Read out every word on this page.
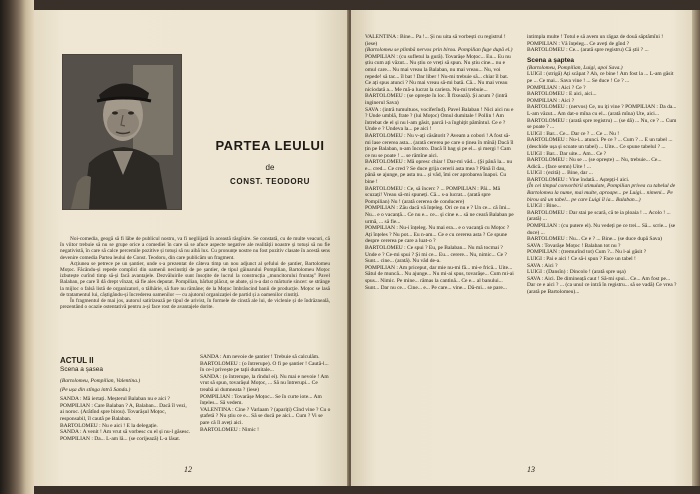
PARTEA LEULUI
de
CONST. TEODORU

Noi-comedia, geogă să fi lăbe de publicul nostru, va fi negliijată în această răsgîsire. Se constată, cu de multe veacuri, că în viitor trebuie să nu se grupe orice a comediei în care să se afuce aspecte negative ale realității noastre și totuși să nu fie negativistă, în care să calce percemile pozitive și totuși să nu aibă lux. Cu pronunțe nostre nu fost pozitiv clasate în acestă sens devenire comedia Partea leului de Const. Teodoru, din care publicăm un fragment.

Acțiunea se petrece pe un șantier, unde s-a prezentat de câteva timp un nou adjunct al șefului de șantier, Bartolomeu Moțoc. Făcându-și repede complici din oamenii necinstiți de pe șantier, de tipul găinarului Pompilian, Bartolomeu Moțoc izbutește curînd timp să-și facă avantajele. Dezvăluirile sunt însoțite de lucrul la construcția „muncitorului fruntaș" Pavel Balaban, pe care îl dă drept vînzat, să fie ales deputat. Pompilian, bărbat plăcut, se abate, și n-a dat o mărturie sincer: se strânge la mijloc o falsă listă de organizatori, o tâlhărie, să fure nu rămâne; de la Moțoc îmbrâncind banii de producție. Moțoc se lasă de tratamentul lui, câștigându-și încrederea oamenilor — cu ajutorul organizației de partid și a oamenilor cinstiți.

În fragmentul de mai jos, autorul satirizează pe tipul de arivist, în formele de cinstă ale lui, de viclenie și de îndrăzneală, prezentând o ocazie ostentativă pentru a-și face rost de avantajele dorite.

ACTUL II
Scena a șasea
(Bartolomeu, Pompilian, Valentina.)
(Pe ușa din stînga intră Sanda.)
SANDA : Mă iertați. Meșterul Balaban nu e aici ?
POMPILIAN : Care Balaban ? A, Balaban... Dacă îl vezi, ai noroc. (Arătînd spre birou). Tovarășul Moțoc, responsabil, îl caută pe Balaban.
BARTOLOMEU : Nu e aici ! E la delegație.
SANDA : A venit ! Am vrut să vorbesc cu el și nu-l găsesc.
POMPILIAN : Da... L-am lă... (se corijează) L-a lăsat.
SANDA : Am nevoie de șantier ! Trebuie să calculăm.
BARTOLOMEU : (o întrerupe). O fi pe șantier ! Caută-l... în ce-l privește pe tații dumitale...
SANDA : (o întrerupe, la rîndul ei). Nu mai e nevoie ! Am vrut să spun, tovarășul Moțoc, ... Să nu întrerupi... Ce treabă ai dumneata ? (iese)
POMPILIAN : Tovarășe Moțoc... Se în curte iote... Am înțeles... Să vedem.
VALENTINA : Cine ? Varlaam ? (apariți) Cînd vine ? Cu o ștafetă ? Nu știu ce e... Să se ducă pe aici... Cum ? Vi se pare că îl aveți aici.
BARTOLOMEU : Nimic !
12
VALENTINA : Bine... Pa !... Și nu uita să vorbești cu registrul ! (iese)
(Bartolomeu se plimbă nervos prin birou. Pompilian fuge după el.)
POMPILIAN : (cu sufletul la gură). Tovarășe Moțoc... Eu... Eu nu știu cum ați văzut... Nu știu ce vreți să spun. Nu știu cine... nu e omul care... Nu mai vreau la Balaban, nu mai vreau... Nu, voi repede! să tac... îl bat ! Dar liber ! Nu-mi trebuie să... chiar îl bat. Ce ați spus atunci ? Nu mai vreau să-mi bată. Că... Nu mai vreau niciodată a... Me mă-a lucrat la cariera. Nu-mi trebuie...
BARTOLOMEU : (se oprește în loc. Îl fixează). Și acum ? (intră inginerul Sava)
SAVA : (intră tumultuos, vociferînd). Pavel Balaban ! Nici aici nu e ? Unde umblă, frate ? (lui Moțoc) Omul dumitale ! Pollin ! Am întrebat de el și nu l-am găsit, parcă l-a înghițit pămîntul. Ce e ? Unde e ? Undeva la... pe aici !
BARTOLOMEU : Nu v-ați căsătorit ? Aveam a cobori ! A fost să-mi lase cererea asta... (arată cererea pe care o ținea în mînă) Dacă îl țin pe Balaban, n-am încotro. Dacă îl bag și pe el... și mergi ! Cam ce nu se poate ! ... se rămîne aici.
BARTOLOMEU : Mă opresc chiar ! Dar-mi văd... (Și până la... nu e... cred... Ce cred ? Se duce grija cererii asta mea ? Până îl dau, până se ajunge, pe asta nu... și văd, îmi cer aprobarea înapoi. Cu bine !
BARTOLOMEU : Ce, să încerc ? ... POMPILIAN : Păi... Mă scuzați! Vreau să-mi spuneți. Că... s-a lucrat... (arată spre Pompilian) Nu ! (arată cererea de conducere)
POMPILIAN : Zău dacă vă înțeleg. Ori ce nu e ? Un ce... că îmi... Nu... e o vacanță... Ce nu e... ce... și cine e... să ne ceară Balaban pe urmă, ... să fie...
POMPILIAN : Nu-i înțeleg. Nu mai era... e o vacanță cu Moțoc ? Ați înțeles ? Nu pot... Eu n-am... Ce e cu cererea asta ? Ce spune despre cererea pe care a luat-o ?
BARTOLOMEU : Ce spui ? Eu, pe Balaban... Nu mă tocmai ? Unde e ? Ce-mi spui ? Și mi ce... Eu... cerere... Nu, nimic... Ce ? Sunt... cine... (arată). Nu văd de-a.
POMPILIAN : Am priceput, dar mie nu-mi fă... mi-e frică... Uite... Sătul de muncă... Nu ajunge... Nu mi-ai spus, tovarășe... Cum mi-ai spus... Nimic. Pe mine... rămas la cantină... Ce e... al banului... Sunt... Dar nu ce... Cine... e... Pe care... vine... Dă-mi... se pare...
intimpla multe ! Totul e să avem un rägaz de două săptămîni !
POMPILIAN : Vă înțeleg... Ce aveți de gînd ?
BARTOLOMEU : Ce... (arată spre registru) Că știi ? ...
Scena a șaptea
(Bartolomeu, Pompilian, Luigi, apoi Sava.)
LUIGI : (strigă) Ați scăpat ? Ah, ce bine ! Am fost la ... L-am găsit pe ... Ce mai... Sava vine ! ... Se duce ! Ce ? ...
POMPILIAN : Aici ? Ce ?
BARTOLOMEU : E aici, aici...
POMPILIAN : Aici ?
BARTOLOMEU : (nervos) Ce, nu iți vine ? POMPILIAN : Da da... L-am văzut... Am dat-o mîna cu el... (arată mîna) Ute, aici...
BARTOLOMEU : (arată spre registru) ... (se dă) ... Nu, ce ? ... Cum se poate ? ...
LUIGI : Bar... Ce... Dar ce ? ... Ce ... Nu !
BARTOLOMEU : Nu-l... atunci. Pe ce ? ... Cum ? ... E un tabel ... (deschide ușa și scoate un tabel) ... Uite... Ce spune tabelul ? ...
LUIGI : Bar... Dar uite... Am... Ce ?
BARTOLOMEU : Nu se ... (se oprește) ... Nu, trebuie... Ce... Adică... (face semn) Uite ! ...
LUIGI : (ezită) ... Bine, dar ...
BARTOLOMEU : Vine îndată... Aștepți-l aici.
(În cei timpul convorbirii stimulate, Pompilian privea cu tabelul de Bartolomeu la nume, mai multe, aproape... pe Luigi... nimeni... Pe birou stă un tabel... pe care Luigi îl ia... Balaban...)
LUIGI : Bine...
BARTOLOMEU : Dar stai pe scară, că te ia ploaia ! ... Acolo ! ... (arată) ...
POMPILIAN : (cu putere el). Nu vedeți pe ce trei... Să... scrie... (se duce) ...
BARTOLOMEU : Nu... Ce e ? ... Bine... (se duce după Sava)
SAVA : Tovarășe Moțoc ! Balaban tot nu ?
POMPILIAN : (tremurînd tot) Cum ?... Nu l-ai găsit ?
LUIGI : Pai e aici ! Ce să-i spun ? Face un tabel !
SAVA : Aici ?
LUIGI : (Dansîn) : Dincolo ! (arată spre ușa)
SAVA : Aici. De dimineață caut ! Să-mi spui... Ce... Am fost pe... Dar ce e aici ? ... (ca unul ce intră în registru... să se vadă) Ce vrea ? (arată pe Bartolomeu)...
13
